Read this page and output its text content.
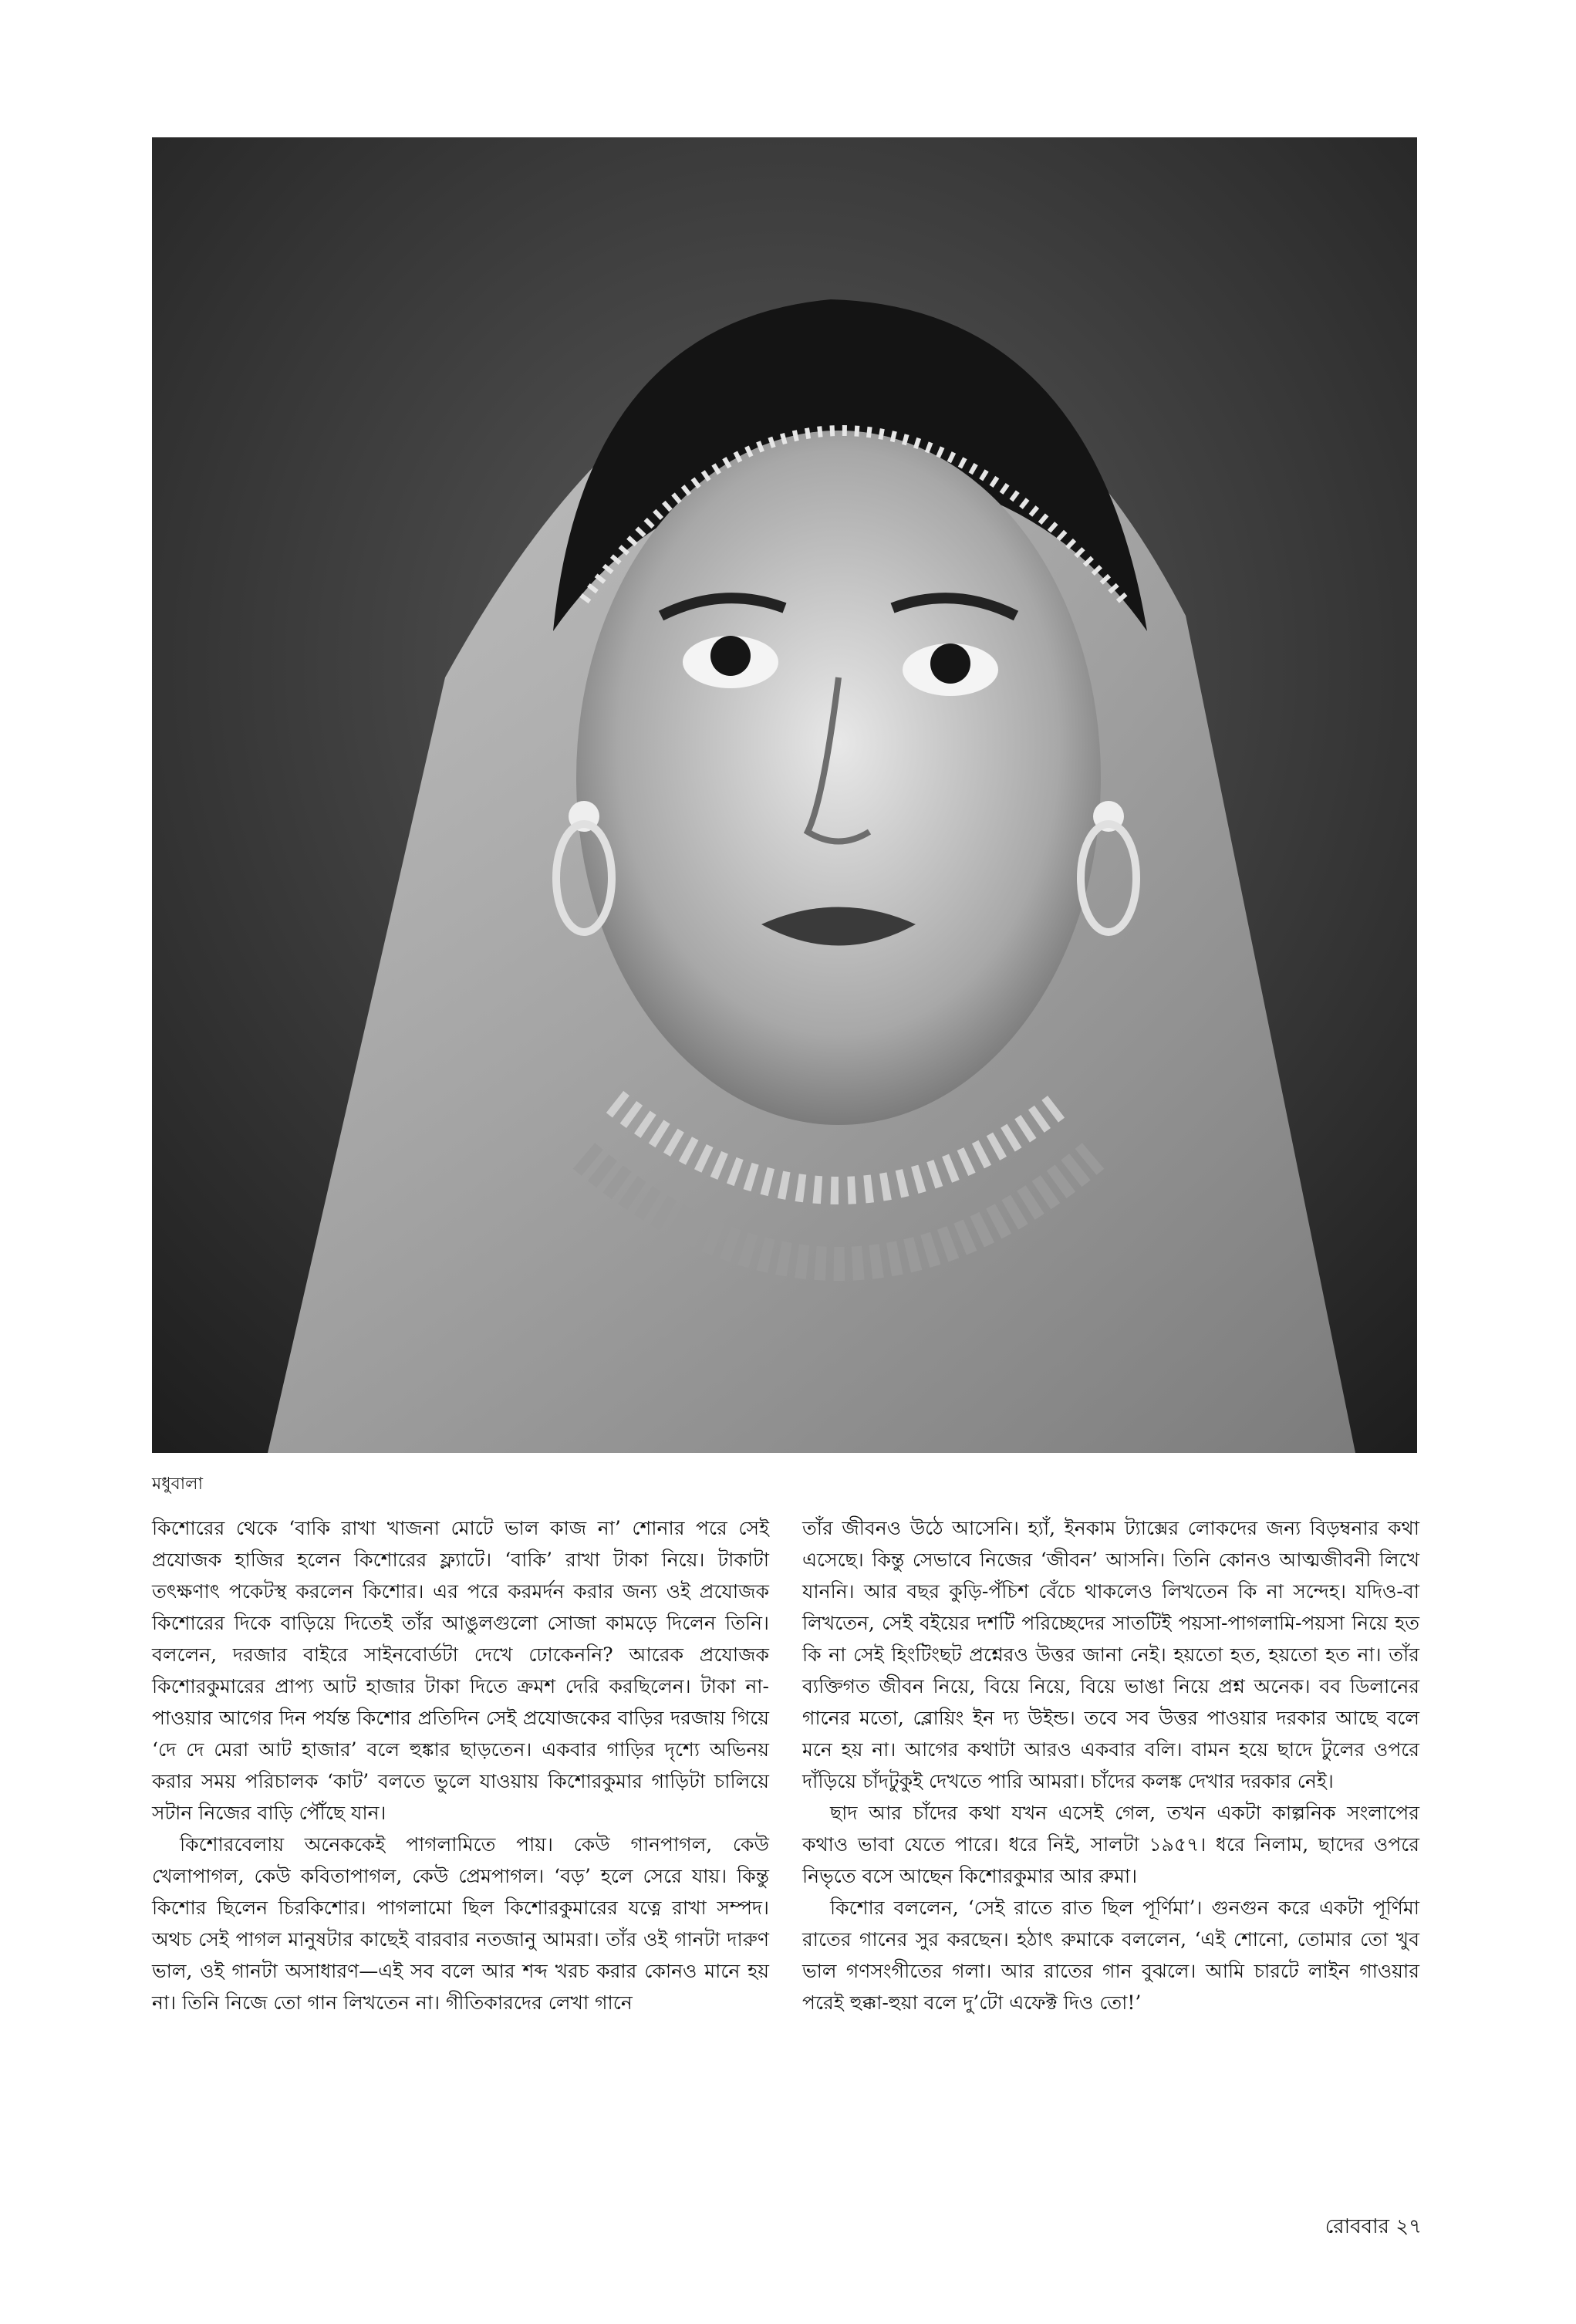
মধুবালা

কিশোরের থেকে ‘বাকি রাখা খাজনা মোটে ভাল কাজ না’ শোনার পরে সেই প্রযোজক হাজির হলেন কিশোরের ফ্ল্যাটে। ‘বাকি’ রাখা টাকা নিয়ে। টাকাটা তৎক্ষণাৎ পকেটস্থ করলেন কিশোর। এর পরে করমর্দন করার জন্য ওই প্রযোজক কিশোরের দিকে বাড়িয়ে দিতেই তাঁর আঙুলগুলো সোজা কামড়ে দিলেন তিনি। বললেন, দরজার বাইরে সাইনবোর্ডটা দেখে ঢোকেননি? আরেক প্রযোজক কিশোরকুমারের প্রাপ্য আট হাজার টাকা দিতে ক্রমশ দেরি করছিলেন। টাকা না-পাওয়ার আগের দিন পর্যন্ত কিশোর প্রতিদিন সেই প্রযোজকের বাড়ির দরজায় গিয়ে ‘দে দে মেরা আট হাজার’ বলে হুঙ্কার ছাড়তেন। একবার গাড়ির দৃশ্যে অভিনয় করার সময় পরিচালক ‘কাট’ বলতে ভুলে যাওয়ায় কিশোরকুমার গাড়িটা চালিয়ে সটান নিজের বাড়ি পৌঁছে যান।

কিশোরবেলায় অনেককেই পাগলামিতে পায়। কেউ গানপাগল, কেউ খেলাপাগল, কেউ কবিতাপাগল, কেউ প্রেমপাগল। ‘বড়’ হলে সেরে যায়। কিন্তু কিশোর ছিলেন চিরকিশোর। পাগলামো ছিল কিশোরকুমারের যত্নে রাখা সম্পদ। অথচ সেই পাগল মানুষটার কাছেই বারবার নতজানু আমরা। তাঁর ওই গানটা দারুণ ভাল, ওই গানটা অসাধারণ—এই সব বলে আর শব্দ খরচ করার কোনও মানে হয় না। তিনি নিজে তো গান লিখতেন না। গীতিকারদের লেখা গানে

তাঁর জীবনও উঠে আসেনি। হ্যাঁ, ইনকাম ট্যাক্সের লোকদের জন্য বিড়ম্বনার কথা এসেছে। কিন্তু সেভাবে নিজের ‘জীবন’ আসনি। তিনি কোনও আত্মজীবনী লিখে যাননি। আর বছর কুড়ি-পঁচিশ বেঁচে থাকলেও লিখতেন কি না সন্দেহ। যদিও-বা লিখতেন, সেই বইয়ের দশটি পরিচ্ছেদের সাতটিই পয়সা-পাগলামি-পয়সা নিয়ে হত কি না সেই হিংটিংছট প্রশ্নেরও উত্তর জানা নেই। হয়তো হত, হয়তো হত না। তাঁর ব্যক্তিগত জীবন নিয়ে, বিয়ে নিয়ে, বিয়ে ভাঙা নিয়ে প্রশ্ন অনেক। বব ডিলানের গানের মতো, ব্লোয়িং ইন দ্য উইন্ড। তবে সব উত্তর পাওয়ার দরকার আছে বলে মনে হয় না। আগের কথাটা আরও একবার বলি। বামন হয়ে ছাদে টুলের ওপরে দাঁড়িয়ে চাঁদটুকুই দেখতে পারি আমরা। চাঁদের কলঙ্ক দেখার দরকার নেই।

ছাদ আর চাঁদের কথা যখন এসেই গেল, তখন একটা কাল্পনিক সংলাপের কথাও ভাবা যেতে পারে। ধরে নিই, সালটা ১৯৫৭। ধরে নিলাম, ছাদের ওপরে নিভৃতে বসে আছেন কিশোরকুমার আর রুমা।

কিশোর বললেন, ‘সেই রাতে রাত ছিল পূর্ণিমা’। গুনগুন করে একটা পূর্ণিমা রাতের গানের সুর করছেন। হঠাৎ রুমাকে বললেন, ‘এই শোনো, তোমার তো খুব ভাল গণসংগীতের গলা। আর রাতের গান বুঝলে। আমি চারটে লাইন গাওয়ার পরেই হুক্কা-হুয়া বলে দু’টো এফেক্ট দিও তো!’

রোববার ২৭
